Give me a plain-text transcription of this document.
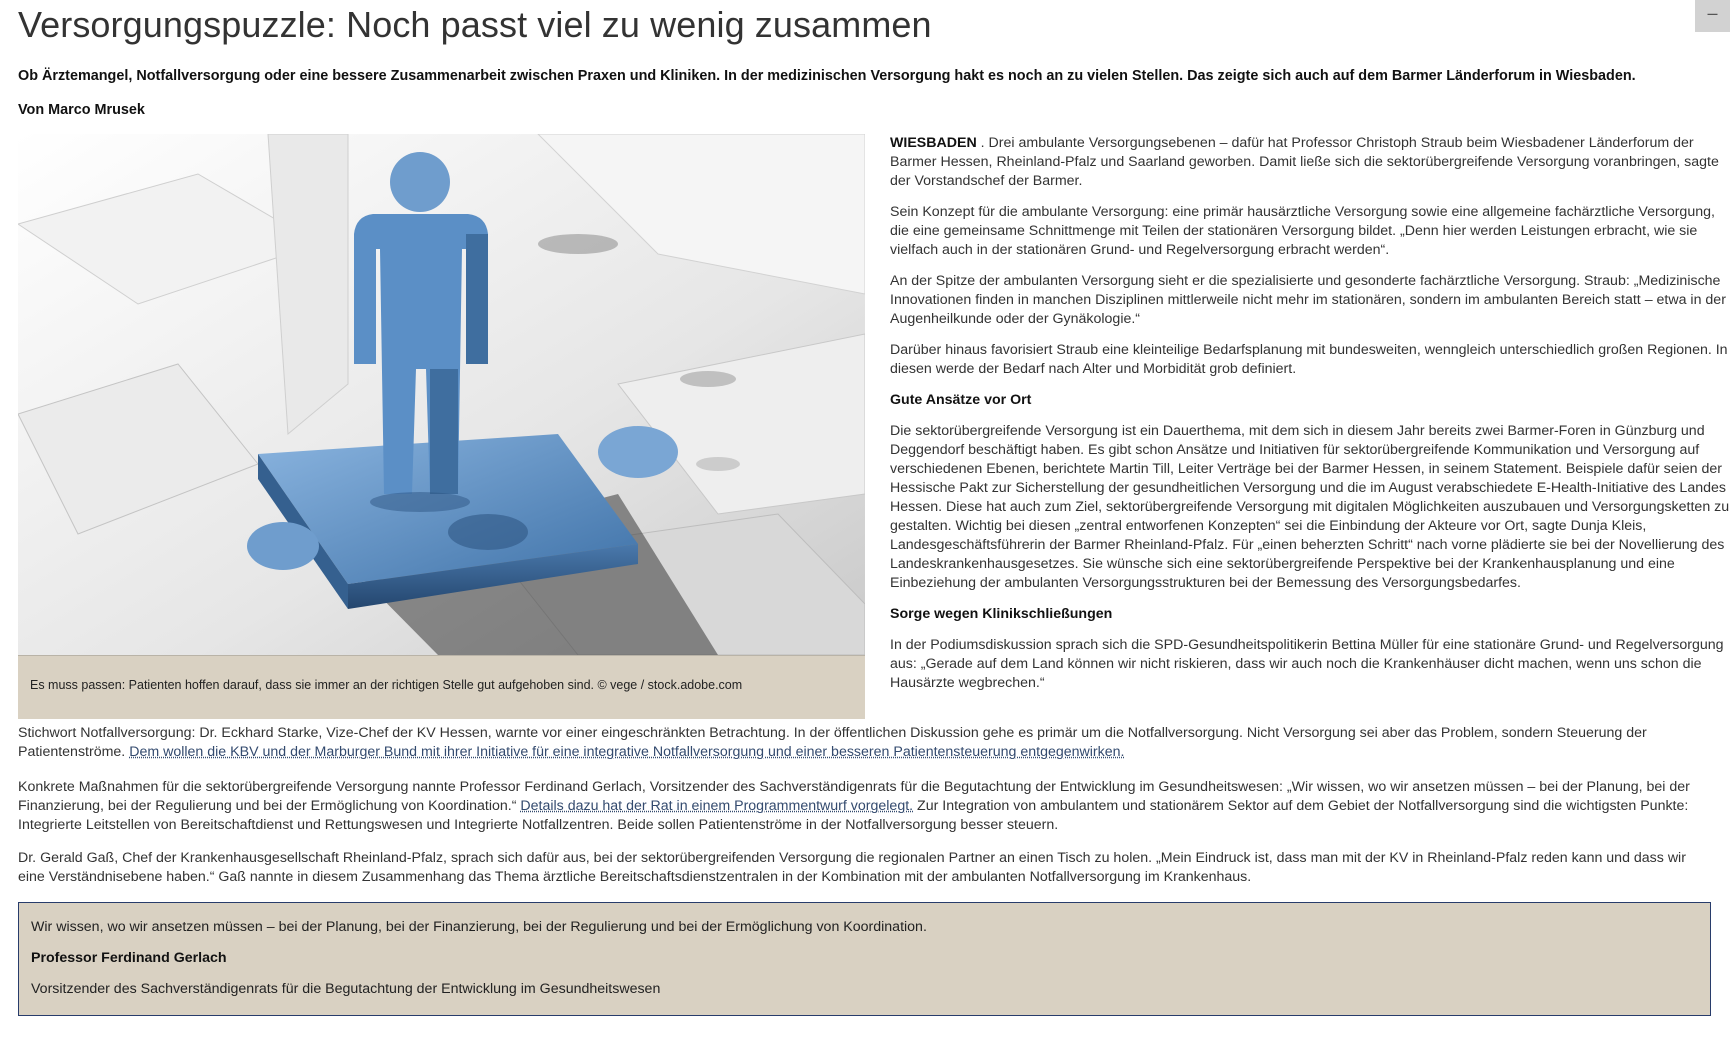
–
Versorgungspuzzle: Noch passt viel zu wenig zusammen
Ob Ärztemangel, Notfallversorgung oder eine bessere Zusammenarbeit zwischen Praxen und Kliniken. In der medizinischen Versorgung hakt es noch an zu vielen Stellen. Das zeigte sich auch auf dem Barmer Länderforum in Wiesbaden.
Von Marco Mrusek
Es muss passen: Patienten hoffen darauf, dass sie immer an der richtigen Stelle gut aufgehoben sind. © vege / stock.adobe.com

WIESBADEN . Drei ambulante Versorgungsebenen – dafür hat Professor Christoph Straub beim Wiesbadener Länderforum der Barmer Hessen, Rheinland-Pfalz und Saarland geworben. Damit ließe sich die sektorübergreifende Versorgung voranbringen, sagte der Vorstandschef der Barmer.

Sein Konzept für die ambulante Versorgung: eine primär hausärztliche Versorgung sowie eine allgemeine fachärztliche Versorgung, die eine gemeinsame Schnittmenge mit Teilen der stationären Versorgung bildet. „Denn hier werden Leistungen erbracht, wie sie vielfach auch in der stationären Grund- und Regelversorgung erbracht werden“.

An der Spitze der ambulanten Versorgung sieht er die spezialisierte und gesonderte fachärztliche Versorgung. Straub: „Medizinische Innovationen finden in manchen Disziplinen mittlerweile nicht mehr im stationären, sondern im ambulanten Bereich statt – etwa in der Augenheilkunde oder der Gynäkologie.“

Darüber hinaus favorisiert Straub eine kleinteilige Bedarfsplanung mit bundesweiten, wenngleich unterschiedlich großen Regionen. In diesen werde der Bedarf nach Alter und Morbidität grob definiert.

Gute Ansätze vor Ort

Die sektorübergreifende Versorgung ist ein Dauerthema, mit dem sich in diesem Jahr bereits zwei Barmer-Foren in Günzburg und Deggendorf beschäftigt haben. Es gibt schon Ansätze und Initiativen für sektorübergreifende Kommunikation und Versorgung auf verschiedenen Ebenen, berichtete Martin Till, Leiter Verträge bei der Barmer Hessen, in seinem Statement. Beispiele dafür seien der Hessische Pakt zur Sicherstellung der gesundheitlichen Versorgung und die im August verabschiedete E-Health-Initiative des Landes Hessen. Diese hat auch zum Ziel, sektorübergreifende Versorgung mit digitalen Möglichkeiten auszubauen und Versorgungsketten zu gestalten. Wichtig bei diesen „zentral entworfenen Konzepten“ sei die Einbindung der Akteure vor Ort, sagte Dunja Kleis, Landesgeschäftsführerin der Barmer Rheinland-Pfalz. Für „einen beherzten Schritt“ nach vorne plädierte sie bei der Novellierung des Landeskrankenhausgesetzes. Sie wünsche sich eine sektorübergreifende Perspektive bei der Krankenhausplanung und eine Einbeziehung der ambulanten Versorgungsstrukturen bei der Bemessung des Versorgungsbedarfes.

Sorge wegen Klinikschließungen

In der Podiumsdiskussion sprach sich die SPD-Gesundheitspolitikerin Bettina Müller für eine stationäre Grund- und Regelversorgung aus: „Gerade auf dem Land können wir nicht riskieren, dass wir auch noch die Krankenhäuser dicht machen, wenn uns schon die Hausärzte wegbrechen.“

Stichwort Notfallversorgung: Dr. Eckhard Starke, Vize-Chef der KV Hessen, warnte vor einer eingeschränkten Betrachtung. In der öffentlichen Diskussion gehe es primär um die Notfallversorgung. Nicht Versorgung sei aber das Problem, sondern Steuerung der Patientenströme. Dem wollen die KBV und der Marburger Bund mit ihrer Initiative für eine integrative Notfallversorgung und einer besseren Patientensteuerung entgegenwirken.

Konkrete Maßnahmen für die sektorübergreifende Versorgung nannte Professor Ferdinand Gerlach, Vorsitzender des Sachverständigenrats für die Begutachtung der Entwicklung im Gesundheitswesen: „Wir wissen, wo wir ansetzen müssen – bei der Planung, bei der Finanzierung, bei der Regulierung und bei der Ermöglichung von Koordination.“ Details dazu hat der Rat in einem Programmentwurf vorgelegt. Zur Integration von ambulantem und stationärem Sektor auf dem Gebiet der Notfallversorgung sind die wichtigsten Punkte: Integrierte Leitstellen von Bereitschaftdienst und Rettungswesen und Integrierte Notfallzentren. Beide sollen Patientenströme in der Notfallversorgung besser steuern.

Dr. Gerald Gaß, Chef der Krankenhausgesellschaft Rheinland-Pfalz, sprach sich dafür aus, bei der sektorübergreifenden Versorgung die regionalen Partner an einen Tisch zu holen. „Mein Eindruck ist, dass man mit der KV in Rheinland-Pfalz reden kann und dass wir eine Verständnisebene haben.“ Gaß nannte in diesem Zusammenhang das Thema ärztliche Bereitschaftsdienstzentralen in der Kombination mit der ambulanten Notfallversorgung im Krankenhaus.

Wir wissen, wo wir ansetzen müssen – bei der Planung, bei der Finanzierung, bei der Regulierung und bei der Ermöglichung von Koordination.

Professor Ferdinand Gerlach

Vorsitzender des Sachverständigenrats für die Begutachtung der Entwicklung im Gesundheitswesen
